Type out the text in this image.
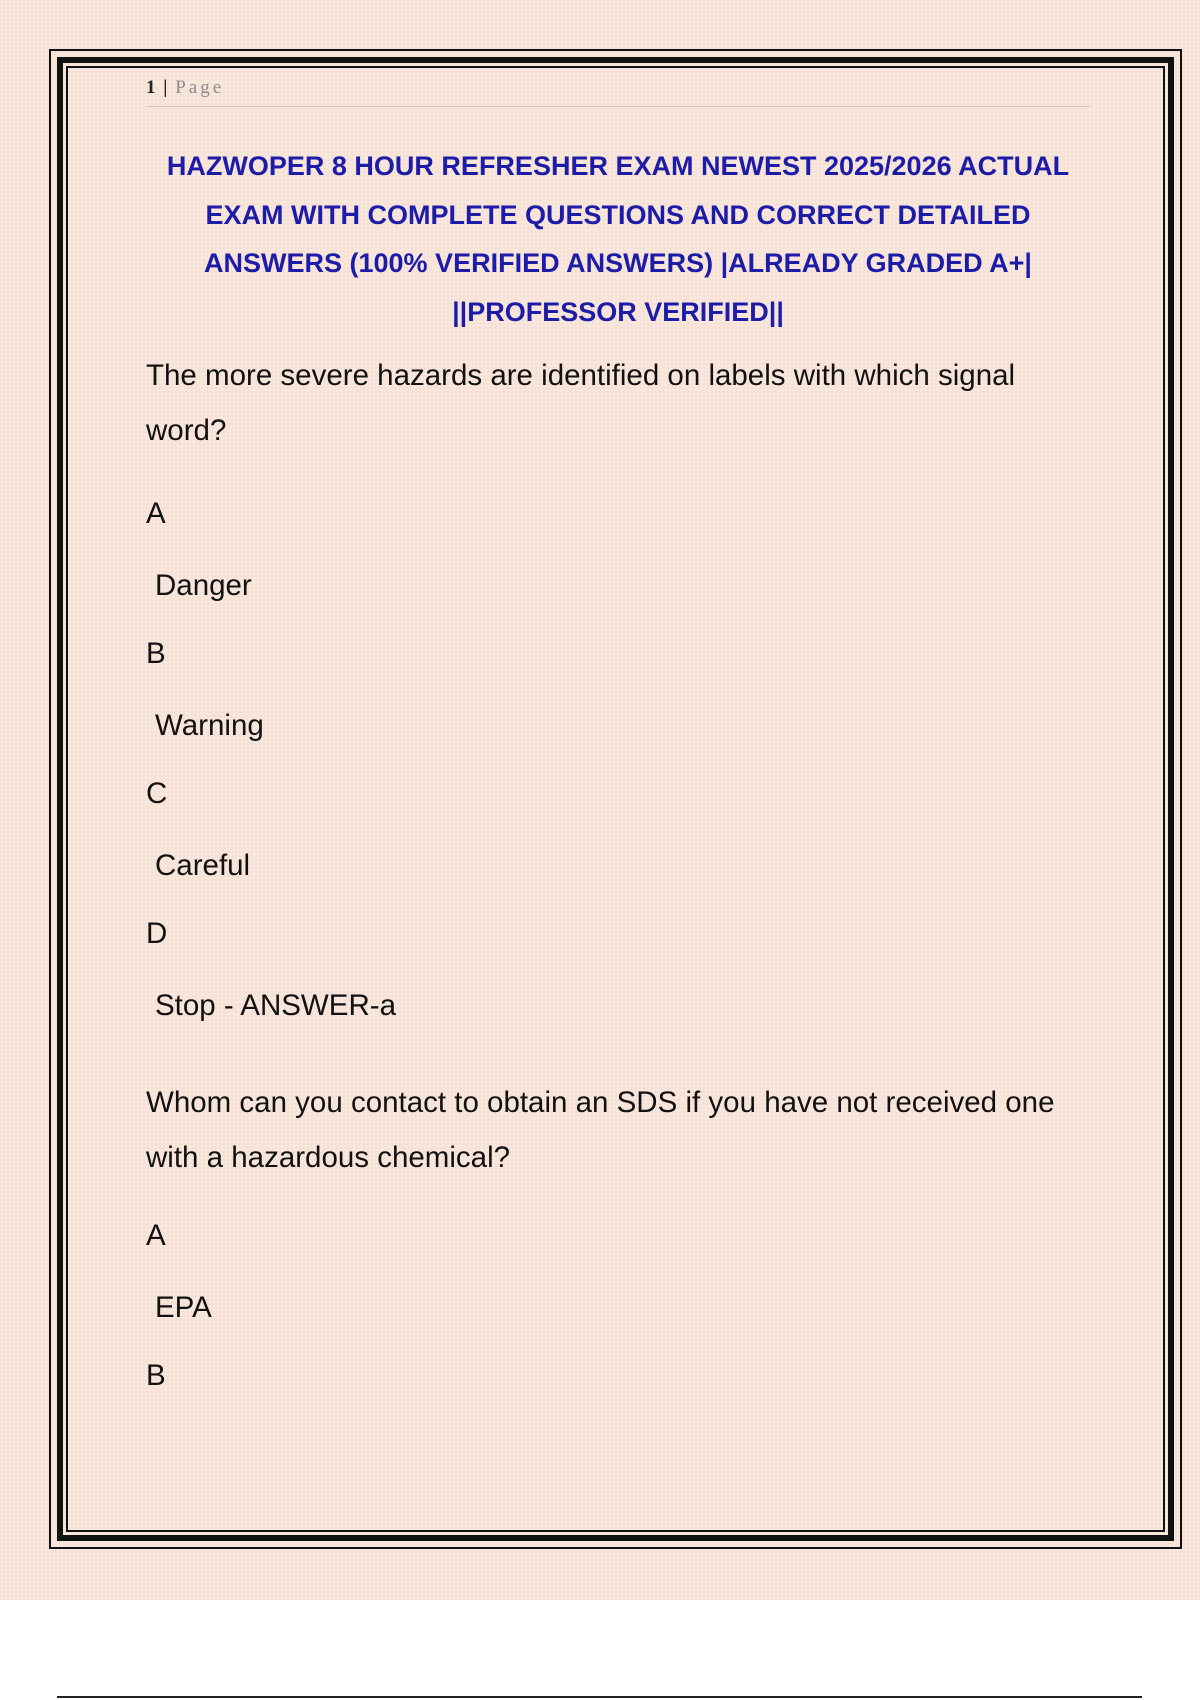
1 | Page
HAZWOPER 8 HOUR REFRESHER EXAM NEWEST 2025/2026 ACTUAL EXAM WITH COMPLETE QUESTIONS AND CORRECT DETAILED ANSWERS (100% VERIFIED ANSWERS) |ALREADY GRADED A+| ||PROFESSOR VERIFIED||

The more severe hazards are identified on labels with which signal word?

A
Danger
B
Warning
C
Careful
D
Stop - ANSWER-a

Whom can you contact to obtain an SDS if you have not received one with a hazardous chemical?

A
EPA
B
